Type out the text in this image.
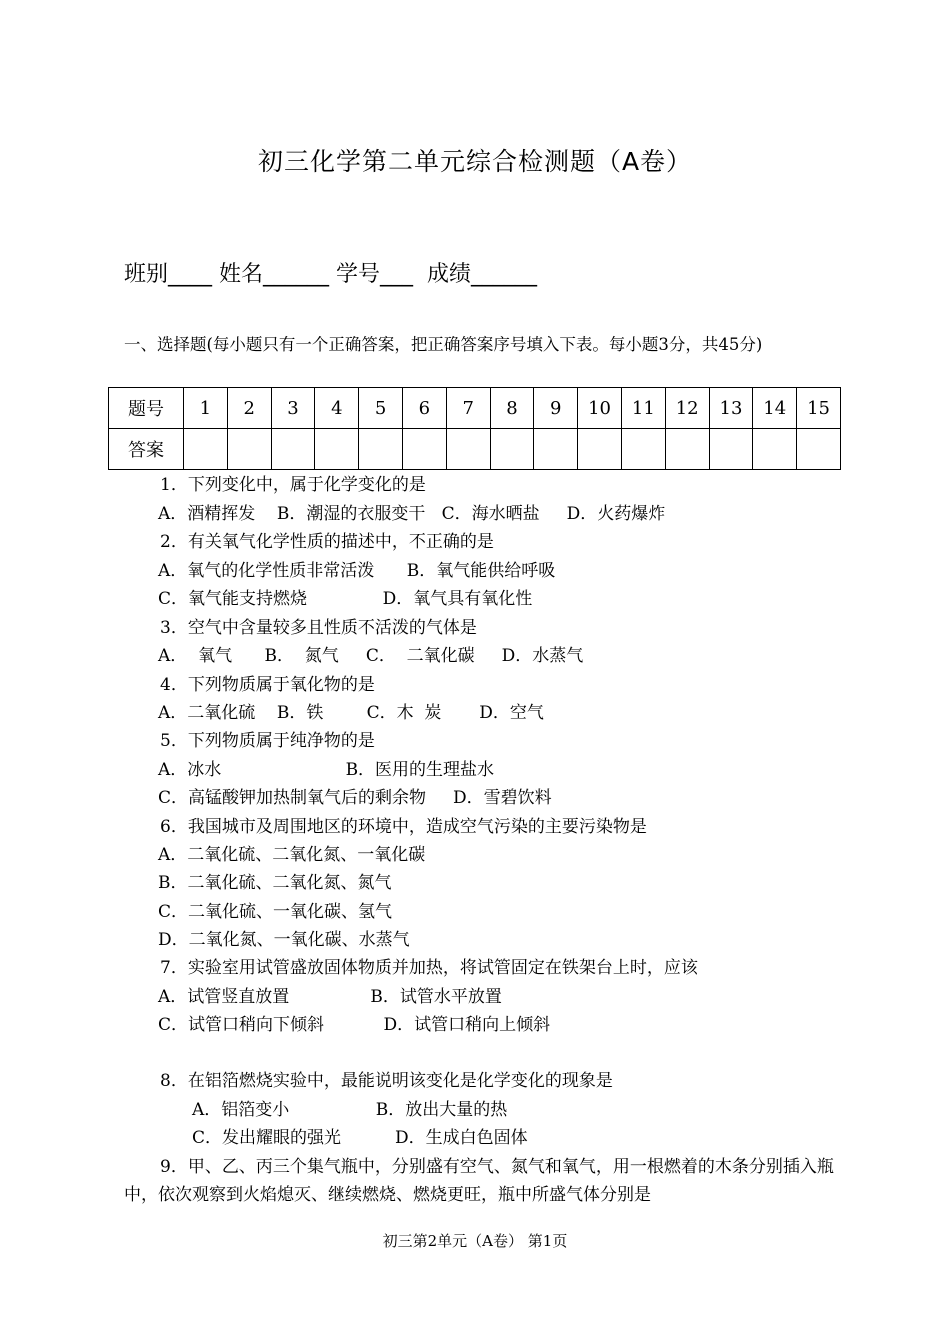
初三化学第二单元综合检测题（A卷）
班别____ 姓名______ 学号___  成绩______
一、选择题(每小题只有一个正确答案，把正确答案序号填入下表。每小题3分，共45分)
题号	1	2	3	4	5	6	7	8	9	10	11	12	13	14	15
答案															
1．下列变化中，属于化学变化的是
A．酒精挥发    B．潮湿的衣服变干   C．海水晒盐     D．火药爆炸
2．有关氧气化学性质的描述中，不正确的是
A．氧气的化学性质非常活泼      B．氧气能供给呼吸
C．氧气能支持燃烧              D．氧气具有氧化性
3．空气中含量较多且性质不活泼的气体是
A．  氧气      B．  氮气     C．  二氧化碳     D．水蒸气
4．下列物质属于氧化物的是
A．二氧化硫    B．铁        C．木  炭       D．空气
5．下列物质属于纯净物的是
A．冰水                       B．医用的生理盐水
C．高锰酸钾加热制氧气后的剩余物     D．雪碧饮料
6．我国城市及周围地区的环境中，造成空气污染的主要污染物是
A．二氧化硫、二氧化氮、一氧化碳
B．二氧化硫、二氧化氮、氮气
C．二氧化硫、一氧化碳、氢气
D．二氧化氮、一氧化碳、水蒸气
7．实验室用试管盛放固体物质并加热，将试管固定在铁架台上时，应该
A．试管竖直放置               B．试管水平放置
C．试管口稍向下倾斜           D．试管口稍向上倾斜
8．在铝箔燃烧实验中，最能说明该变化是化学变化的现象是
A．铝箔变小                B．放出大量的热
C．发出耀眼的强光          D．生成白色固体
9．甲、乙、丙三个集气瓶中，分别盛有空气、氮气和氧气，用一根燃着的木条分别插入瓶中，依次观察到火焰熄灭、继续燃烧、燃烧更旺，瓶中所盛气体分别是
初三第2单元（A卷） 第1页
